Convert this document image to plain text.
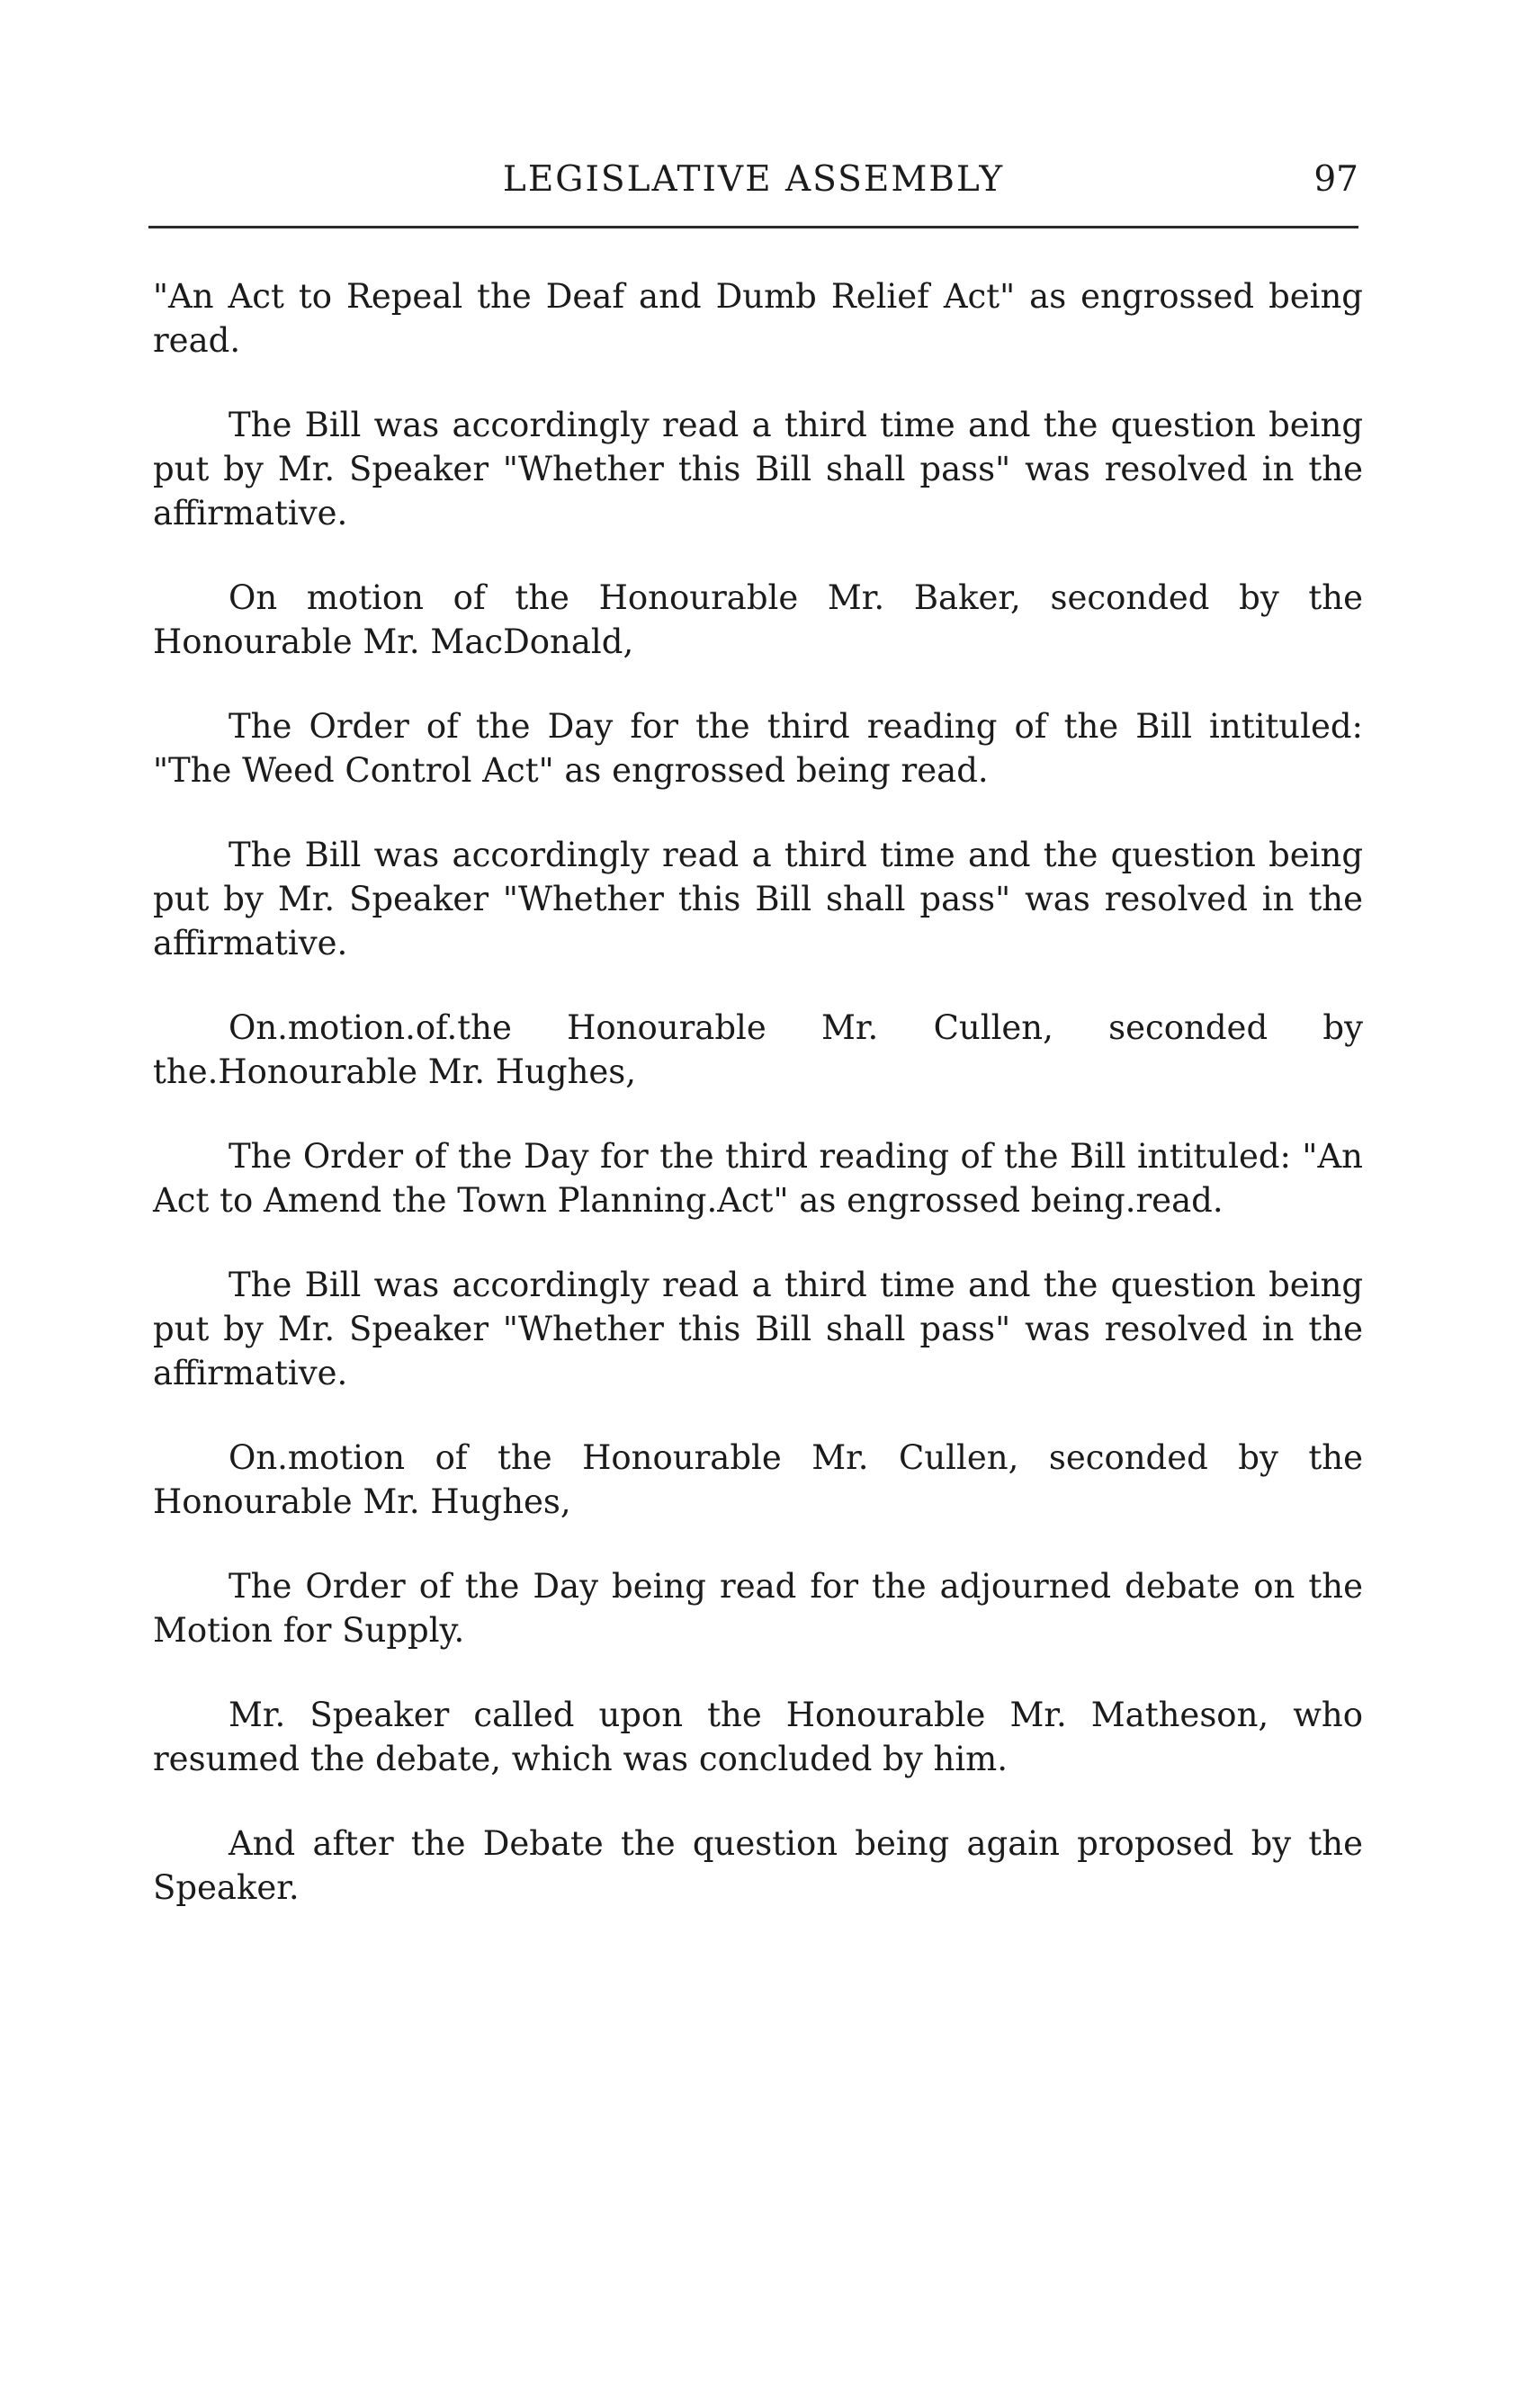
LEGISLATIVE ASSEMBLY	97

"An Act to Repeal the Deaf and Dumb Relief Act" as engrossed being read.

The Bill was accordingly read a third time and the question being put by Mr. Speaker "Whether this Bill shall pass" was resolved in the affirmative.

On motion of the Honourable Mr. Baker, seconded by the Honourable Mr. MacDonald,

The Order of the Day for the third reading of the Bill intituled: "The Weed Control Act" as engrossed being read.

The Bill was accordingly read a third time and the question being put by Mr. Speaker "Whether this Bill shall pass" was resolved in the affirmative.

On.motion.of.the Honourable Mr. Cullen, seconded by the.Honourable Mr. Hughes,

The Order of the Day for the third reading of the Bill intituled: "An Act to Amend the Town Planning.Act" as engrossed being.read.

The Bill was accordingly read a third time and the question being put by Mr. Speaker "Whether this Bill shall pass" was resolved in the affirmative.

On.motion of the Honourable Mr. Cullen, seconded by the Honourable Mr. Hughes,

The Order of the Day being read for the adjourned debate on the Motion for Supply.

Mr. Speaker called upon the Honourable Mr. Matheson, who resumed the debate, which was concluded by him.

And after the Debate the question being again proposed by the Speaker.
